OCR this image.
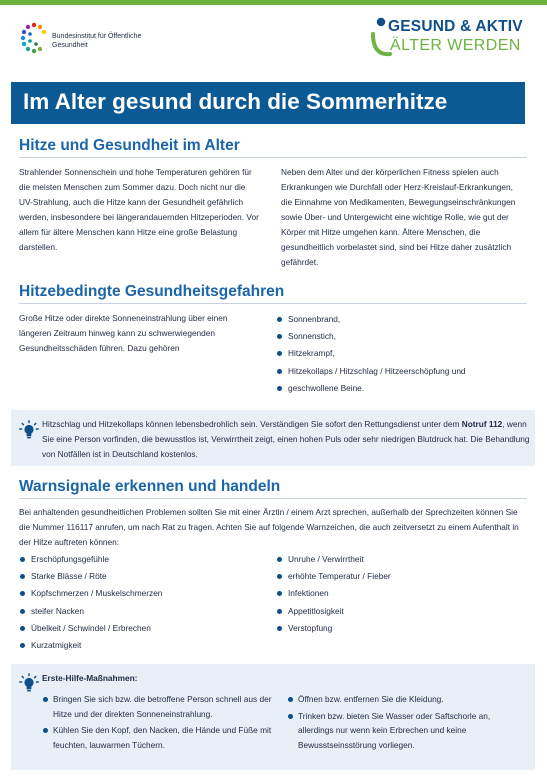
Bundesinstitut für Öffentliche Gesundheit
GESUND & AKTIV
ÄLTER WERDEN
Im Alter gesund durch die Sommerhitze
Hitze und Gesundheit im Alter
Strahlender Sonnenschein und hohe Temperaturen gehören für die meisten Menschen zum Sommer dazu. Doch nicht nur die UV-Strahlung, auch die Hitze kann der Gesundheit gefährlich werden, insbesondere bei längerandauernden Hitzeperioden. Vor allem für ältere Menschen kann Hitze eine große Belastung darstellen.
Neben dem Alter und der körperlichen Fitness spielen auch Erkrankungen wie Durchfall oder Herz-Kreislauf-Erkrankungen, die Einnahme von Medikamenten, Bewegungseinschränkungen sowie Über- und Untergewicht eine wichtige Rolle, wie gut der Körper mit Hitze umgehen kann. Ältere Menschen, die gesundheitlich vorbelastet sind, sind bei Hitze daher zusätzlich gefährdet.
Hitzebedingte Gesundheitsgefahren
Große Hitze oder direkte Sonneneinstrahlung über einen längeren Zeitraum hinweg kann zu schwerwiegenden Gesundheitsschäden führen. Dazu gehören
Sonnenbrand,
Sonnenstich,
Hitzekrampf,
Hitzekollaps / Hitzschlag / Hitzeerschöpfung und
geschwollene Beine.
Hitzschlag und Hitzekollaps können lebensbedrohlich sein. Verständigen Sie sofort den Rettungsdienst unter dem Notruf 112, wenn Sie eine Person vorfinden, die bewusstlos ist, Verwirrtheit zeigt, einen hohen Puls oder sehr niedrigen Blutdruck hat. Die Behandlung von Notfällen ist in Deutschland kostenlos.
Warnsignale erkennen und handeln
Bei anhaltenden gesundheitlichen Problemen sollten Sie mit einer Ärztin / einem Arzt sprechen, außerhalb der Sprechzeiten können Sie die Nummer 116117 anrufen, um nach Rat zu fragen. Achten Sie auf folgende Warnzeichen, die auch zeitversetzt zu einem Aufenthalt in der Hitze auftreten können:
Erschöpfungsgefühle
Starke Blässe / Röte
Kopfschmerzen / Muskelschmerzen
steifer Nacken
Übelkeit / Schwindel / Erbrechen
Kurzatmigkeit
Unruhe / Verwirrtheit
erhöhte Temperatur / Fieber
Infektionen
Appetitlosigkeit
Verstopfung
Erste-Hilfe-Maßnahmen:
Bringen Sie sich bzw. die betroffene Person schnell aus der Hitze und der direkten Sonneneinstrahlung.
Kühlen Sie den Kopf, den Nacken, die Hände und Füße mit feuchten, lauwarmen Tüchern.
Öffnen bzw. entfernen Sie die Kleidung.
Trinken bzw. bieten Sie Wasser oder Saftschorle an, allerdings nur wenn kein Erbrechen und keine Bewusstseinsstörung vorliegen.
